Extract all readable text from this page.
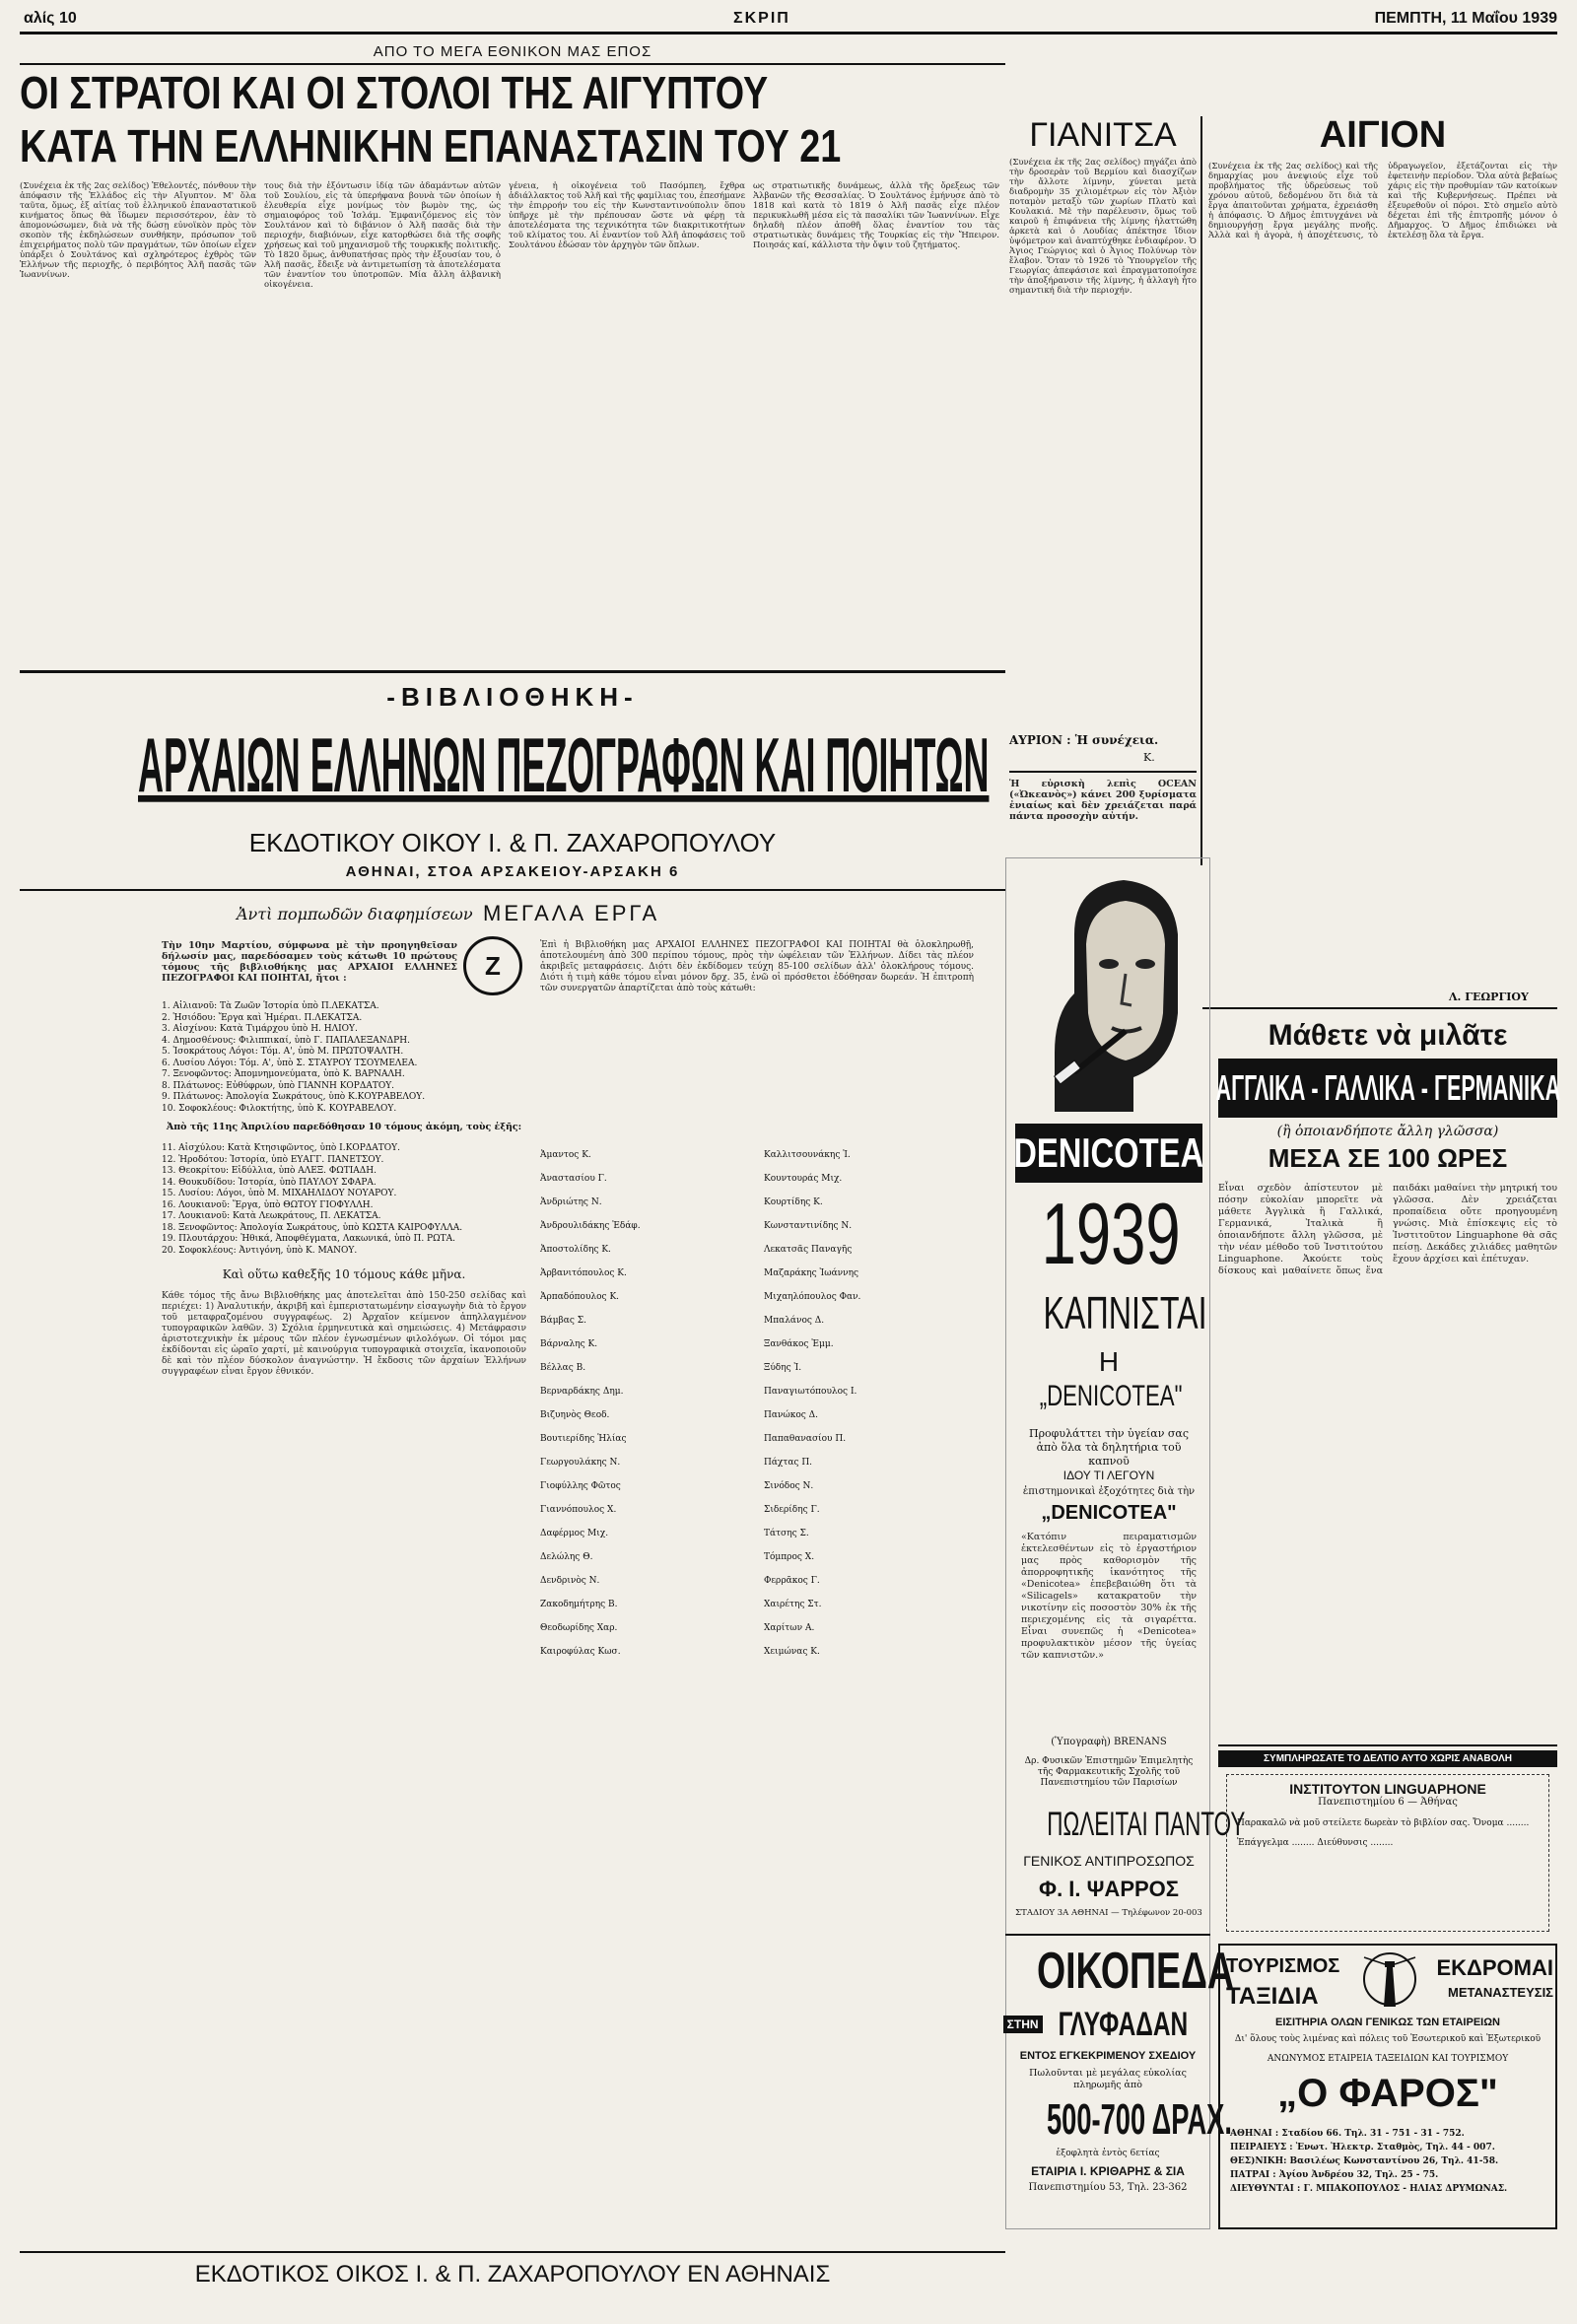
αλίς 10	ΣΚΡΙΠ	ΠΕΜΠΤΗ, 11 Μαΐου 1939
ΑΠΟ ΤΟ ΜΕΓΑ ΕΘΝΙΚΟΝ ΜΑΣ ΕΠΟΣ
ΟΙ ΣΤΡΑΤΟΙ ΚΑΙ ΟΙ ΣΤΟΛΟΙ ΤΗΣ ΑΙΓΥΠΤΟΥ
ΚΑΤΑ ΤΗΝ ΕΛΛΗΝΙΚΗΝ ΕΠΑΝΑΣΤΑΣΙΝ ΤΟΥ 21
(Συνέχεια ἐκ τῆς 2ας σελίδος) Ἐθελοντές, πόνθουν τὴν ἀπόφασιν τῆς Ἑλλάδος εἰς τὴν Αἴγυπτον. Μ' ὅλα ταῦτα, ὅμως, ἐξ αἰτίας τοῦ ἑλληνικοῦ ἐπαναστατικοῦ κινήματος ὅπως θὰ ἴδωμεν περισσότερον, ἐὰν τὸ ἀπομονώσωμεν, διὰ νὰ τῆς δώσῃ εὐνοϊκὸν πρὸς τὸν σκοπὸν τῆς ἐκδηλώσεων συνθήκην, πρόσωπον τοῦ ἐπιχειρήματος πολὺ τῶν πραγμάτων, τῶν ὁποίων εἶχεν ὑπάρξει ὁ Σουλτάνος καὶ σχληρότερος ἐχθρὸς τῶν Ἑλλήνων τῆς περιοχῆς, ὁ περιβόητος Ἀλῆ πασᾶς τῶν Ἰωαννίνων.
τους διὰ τὴν ἐξόντωσιν ἰδίᾳ τῶν ἀδαμάντων αὐτῶν τοῦ Σουλίου, εἰς τὰ ὑπερήφανα βουνὰ τῶν ὁποίων ἡ ἐλευθερία εἶχε μονίμως τὸν βωμὸν της, ὡς σημαιοφόρος τοῦ Ἰσλάμ. Ἐμφανιζόμενος εἰς τὸν Σουλτάνον καὶ τὸ διβάνιον ὁ Ἀλῆ πασᾶς διὰ τὴν περιοχήν, διαβιόνων, εἶχε κατορθώσει διὰ τῆς σοφῆς χρήσεως καὶ τοῦ μηχανισμοῦ τῆς τουρκικῆς πολιτικῆς. Τὸ 1820 ὅμως, ἀνθυπατήσας πρὸς τὴν ἐξουσίαν του, ὁ Ἀλῆ πασᾶς, ἔδειξε νὰ ἀντιμετωπίσῃ τὰ ἀποτελέσματα τῶν ἐναντίον του ὑποτροπῶν. Μία ἄλλη ἀλβανικὴ οἰκογένεια.
γένεια, ἡ οἰκογένεια τοῦ Πασόμπεη, ἔχθρα ἀδιάλλακτος τοῦ Ἀλῆ καὶ τῆς φαμίλιας του, ἐπεσήμανε τὴν ἐπιρροήν του εἰς τὴν Κωνσταντινούπολιν ὅπου ὑπῆρχε μὲ τὴν πρέπουσαν ὥστε νὰ φέρῃ τὰ ἀποτελέσματα της τεχνικότητα τῶν διακριτικοτήτων τοῦ κλίματος του. Αἱ ἐναντίον τοῦ Ἀλῆ ἀποφάσεις τοῦ Σουλτάνου ἐδώσαν τὸν ἀρχηγὸν τῶν ὅπλων.
ως στρατιωτικῆς δυνάμεως, ἀλλὰ τῆς ὄρεξεως τῶν Ἀλβανῶν τῆς Θεσσαλίας. Ὁ Σουλτάνος ἐμήνυσε ἀπὸ τὸ 1818 καὶ κατὰ τὸ 1819 ὁ Ἀλῆ πασᾶς εἶχε πλέον περικυκλωθῆ μέσα εἰς τὰ πασαλίκι τῶν Ἰωαννίνων. Εἶχε δηλαδὴ πλέον ἀποθῆ ὅλας ἐναντίον του τὰς στρατιωτικὰς δυνάμεις τῆς Τουρκίας εἰς τὴν Ἤπειρον. Ποιησάς καί, κάλλιστα τὴν ὄψιν τοῦ ζητήματος.
ΓΙΑΝΙΤΣΑ
(Συνέχεια ἐκ τῆς 2ας σελίδος) πηγάζει ἀπὸ τὴν δροσερὰν τοῦ Βερμίου καὶ διασχίζων τὴν ἄλλοτε λίμνην, χύνεται μετὰ διαδρομὴν 35 χιλιομέτρων εἰς τὸν Ἀξιὸν ποταμὸν μεταξὺ τῶν χωρίων Πλατὺ καὶ Κουλακιά. Μὲ τὴν παρέλευσιν, ὅμως τοῦ καιροῦ ἡ ἐπιφάνεια τῆς λίμνης ἠλαττώθη ἀρκετὰ καὶ ὁ Λουδίας ἀπέκτησε ἴδιον ὑψόμετρον καὶ ἀναπτύχθηκε ἐνδιαφέρον. Ὁ Ἀγιος Γεώργιος καὶ ὁ Ἀγιος Πολύνωρ τὸν ἔλαβον. Ὅταν τὸ 1926 τὸ Ὑπουργεῖον τῆς Γεωργίας ἀπεφάσισε καὶ ἐπραγματοποίησε τὴν ἀποξήρανσιν τῆς λίμνης, ἡ ἀλλαγὴ ἦτο σημαντική διὰ τὴν περιοχήν.
ΑΥΡΙΟΝ : Ἡ συνέχεια.
Κ.
Ἡ εὐρισκὴ λεπὶς OCEAN («Ὠκεανὸς») κάνει 200 ξυρίσματα ἐνιαίως καὶ δὲν χρειάζεται παρά πάντα προσοχὴν αὐτήν.
ΑΙΓΙΟΝ
(Συνέχεια ἐκ τῆς 2ας σελίδος) καὶ τῆς δημαρχίας μου ἀνεψιούς εἶχε τοῦ προβλήματος τῆς ὑδρεύσεως τοῦ χρόνου αὐτοῦ, δεδομένου ὅτι διὰ τὰ ἔργα ἀπαιτοῦνται χρήματα, ἐχρειάσθη ἡ ἀπόφασις. Ὁ Δῆμος ἐπιτυγχάνει νὰ δημιουργήσῃ ἔργα μεγάλης πνοῆς. Ἀλλὰ καὶ ἡ ἀγορὰ, ἡ ἀποχέτευσις, τὸ ὑδραγωγεῖον, ἐξετάζονται εἰς τὴν ἐφετεινὴν περίοδον. Ὅλα αὐτὰ βεβαίως χάρις εἰς τὴν προθυμίαν τῶν κατοίκων καὶ τῆς Κυβερνήσεως. Πρέπει νὰ ἐξευρεθοῦν οἱ πόροι. Στὸ σημεῖο αὐτὸ δέχεται ἐπὶ τῆς ἐπιτροπῆς μόνον ὁ Δῆμαρχος. Ὁ Δῆμος ἐπιδιώκει νὰ ἐκτελέσῃ ὅλα τὰ ἔργα.
Λ. ΓΕΩΡΓΙΟΥ
-ΒΙΒΛΙΟΘΗΚΗ-
ΑΡΧΑΙΩΝ ΕΛΛΗΝΩΝ ΠΕΖΟΓΡΑΦΩΝ ΚΑΙ ΠΟΙΗΤΩΝ
ΕΚΔΟΤΙΚΟΥ ΟΙΚΟΥ Ι. & Π. ΖΑΧΑΡΟΠΟΥΛΟΥ
ΑΘΗΝΑΙ, ΣΤΟΑ ΑΡΣΑΚΕΙΟΥ-ΑΡΣΑΚΗ 6
Ἀντὶ πομπωδῶν διαφημίσεων ΜΕΓΑΛΑ ΕΡΓΑ
Τὴν 10ην Μαρτίου, σύμφωνα μὲ τὴν προηγηθεῖσαν δήλωσίν μας, παρεδόσαμεν τοὺς κάτωθι 10 πρώτους τόμους τῆς βιβλιοθήκης μας ΑΡΧΑΙΟΙ ΕΛΛΗΝΕΣ ΠΕΖΟΓΡΑΦΟΙ ΚΑΙ ΠΟΙΗΤΑΙ, ἤτοι :	Z
1. Αἰλιανοῦ: Τὰ Ζωῶν Ἱστορία ὑπὸ Π.ΛΕΚΑΤΣΑ.
2. Ἡσιόδου: Ἔργα καὶ Ἡμέραι. Π.ΛΕΚΑΤΣΑ.
3. Αἰσχίνου: Κατὰ Τιμάρχου ὑπὸ Η. ΗΛΙΟΥ.
4. Δημοσθένους: Φιλιππικαί, ὑπὸ Γ. ΠΑΠΑΛΕΞΑΝΔΡΗ.
5. Ἰσοκράτους Λόγοι: Τόμ. Α', ὑπὸ Μ. ΠΡΩΤΟΨΑΛΤΗ.
6. Λυσίου Λόγοι: Τόμ. Α', ὑπὸ Σ. ΣΤΑΥΡΟΥ ΤΣΟΥΜΕΛΕΑ.
7. Ξενοφῶντος: Ἀπομνημονεύματα, ὑπὸ Κ. ΒΑΡΝΑΛΗ.
8. Πλάτωνος: Εὐθύφρων, ὑπὸ ΓΙΑΝΝΗ ΚΟΡΔΑΤΟΥ.
9. Πλάτωνος: Ἀπολογία Σωκράτους, ὑπὸ Κ.ΚΟΥΡΑΒΕΛΟΥ.
10. Σοφοκλέους: Φιλοκτήτης, ὑπὸ Κ. ΚΟΥΡΑΒΕΛΟΥ.
Ἀπὸ τῆς 11ης Ἀπριλίου παρεδόθησαν 10 τόμους ἀκόμη, τοὺς ἑξῆς:
11. Αἰσχύλου: Κατὰ Κτησιφῶντος, ὑπὸ Ι.ΚΟΡΔΑΤΟΥ.
12. Ἡροδότου: Ἱστορία, ὑπὸ ΕΥΑΓΓ. ΠΑΝΕΤΣΟΥ.
13. Θεοκρίτου: Εἰδύλλια, ὑπὸ ΑΛΕΞ. ΦΩΤΙΑΔΗ.
14. Θουκυδίδου: Ἱστορία, ὑπὸ ΠΑΥΛΟΥ ΣΦΑΡΑ.
15. Λυσίου: Λόγοι, ὑπὸ Μ. ΜΙΧΑΗΛΙΔΟΥ ΝΟΥΑΡΟΥ.
16. Λουκιανοῦ: Ἔργα, ὑπὸ ΘΩΤΟΥ ΓΙΟΦΥΛΛΗ.
17. Λουκιανοῦ: Κατὰ Λεωκράτους, Π. ΛΕΚΑΤΣΑ.
18. Ξενοφῶντος: Ἀπολογία Σωκράτους, ὑπὸ ΚΩΣΤΑ ΚΑΙΡΟΦΥΛΛΑ.
19. Πλουτάρχου: Ἠθικά, Ἀποφθέγματα, Λακωνικά, ὑπὸ Π. ΡΩΤΑ.
20. Σοφοκλέους: Ἀντιγόνη, ὑπὸ Κ. ΜΑΝΟΥ.
Καὶ οὕτω καθεξῆς 10 τόμους κάθε μῆνα.
Κάθε τόμος τῆς ἄνω Βιβλιοθήκης μας ἀποτελεῖται ἀπὸ 150-250 σελίδας καὶ περιέχει: 1) Ἀναλυτικήν, ἀκριβῆ καὶ ἐμπεριστατωμένην εἰσαγωγὴν διὰ τὸ ἔργον τοῦ μεταφραζομένου συγγραφέως. 2) Ἀρχαῖον κείμενον ἀπηλλαγμένον τυπογραφικῶν λαθῶν. 3) Σχόλια ἑρμηνευτικὰ καὶ σημειώσεις. 4) Μετάφρασιν ἀριστοτεχνικὴν ἐκ μέρους τῶν πλέον ἐγνωσμένων φιλολόγων. Οἱ τόμοι μας ἐκδίδονται εἰς ὡραῖο χαρτί, μὲ καινούργια τυπογραφικὰ στοιχεῖα, ἱκανοποιοῦν δὲ καὶ τὸν πλέον δύσκολον ἀναγνώστην. Ἡ ἔκδοσις τῶν ἀρχαίων Ἑλλήνων συγγραφέων εἶναι ἔργον ἐθνικόν.
Ἐπὶ ἡ Βιβλιοθήκη μας ΑΡΧΑΙΟΙ ΕΛΛΗΝΕΣ ΠΕΖΟΓΡΑΦΟΙ ΚΑΙ ΠΟΙΗΤΑΙ θὰ ὁλοκληρωθῇ, ἀποτελουμένη ἀπὸ 300 περίπου τόμους, πρὸς τὴν ὠφέλειαν τῶν Ἑλλήνων. Δίδει τὰς πλέον ἀκριβεῖς μεταφράσεις. Διότι δὲν ἐκδίδομεν τεύχη 85-100 σελίδων ἀλλ' ὁλοκλήρους τόμους. Διότι ἡ τιμὴ κάθε τόμου εἶναι μόνον δρχ. 35, ἐνῶ οἱ πρόσθετοι ἐδόθησαν δωρεάν. Ἡ ἐπιτροπὴ τῶν συνεργατῶν ἀπαρτίζεται ἀπὸ τοὺς κάτωθι:
Ἀμαντος Κ.
Ἀναστασίου Γ.
Ἀνδριώτης Ν.
Ἀνδρουλιδάκης Ἐδάφ.
Ἀποστολίδης Κ.
Ἀρβανιτόπουλος Κ.
Ἀρπαδόπουλος Κ.
Βάμβας Σ.
Βάρναλης Κ.
Βέλλας Β.
Βερναρδάκης Δημ.
Βιζυηνὸς Θεοδ.
Βουτιερίδης Ἡλίας
Γεωργουλάκης Ν.
Γιοφύλλης Φῶτος
Γιαννόπουλος Χ.
Δαφέρμος Μιχ.
Δελώλης Θ.
Δενδρινὸς Ν.
Ζακοδημήτρης Β.
Θεοδωρίδης Χαρ.
Καιροφύλας Κωσ.
Καλλιτσουνάκης Ἰ.
Κουντουράς Μιχ.
Κουρτίδης Κ.
Κωνσταντινίδης Ν.
Λεκατσᾶς Παναγῆς
Μαζαράκης Ἰωάννης
Μιχαηλόπουλος Φαν.
Μπαλάνος Δ.
Ξανθάκος Ἐμμ.
Ξύδης Ἰ.
Παναγιωτόπουλος Ι.
Πανώκος Δ.
Παπαθανασίου Π.
Πάχτας Π.
Σινόδος Ν.
Σιδερίδης Γ.
Τάτσης Σ.
Τόμπρος Χ.
Φερρᾶκος Γ.
Χαιρέτης Στ.
Χαρίτων Α.
Χειμώνας Κ.
ΕΚΔΟΤΙΚΟΣ ΟΙΚΟΣ Ι. & Π. ΖΑΧΑΡΟΠΟΥΛΟΥ ΕΝ ΑΘΗΝΑΙΣ
DENICOTEA
1939
ΚΑΠΝΙΣΤΑΙ
Η
„DENICOTEA"
Προφυλάττει τὴν ὑγείαν σας ἀπὸ ὅλα τὰ δηλητήρια τοῦ καπνοῦ
ΙΔΟΥ ΤΙ ΛΕΓΟΥΝ
ἐπιστημονικαὶ ἐξοχότητες διὰ τὴν
„DENICOTEA"
«Κατόπιν πειραματισμῶν ἐκτελεσθέντων εἰς τὸ ἐργαστήριον μας πρὸς καθορισμὸν τῆς ἀπορροφητικῆς ἱκανότητος τῆς «Denicotea» ἐπεβεβαιώθη ὅτι τὰ «Silicagels» κατακρατοῦν τὴν νικοτίνην εἰς ποσοστὸν 30% ἐκ τῆς περιεχομένης εἰς τὰ σιγαρέττα. Εἶναι συνεπῶς ἡ «Denicotea» προφυλακτικὸν μέσον τῆς ὑγείας τῶν καπνιστῶν.»
(Ὑπογραφὴ) BRENANS
Δρ. Φυσικῶν Ἐπιστημῶν Ἐπιμελητὴς τῆς Φαρμακευτικῆς Σχολῆς τοῦ Πανεπιστημίου τῶν Παρισίων
ΠΩΛΕΙΤΑΙ ΠΑΝΤΟΥ
ΓΕΝΙΚΟΣ ΑΝΤΙΠΡΟΣΩΠΟΣ
Φ. Ι. ΨΑΡΡΟΣ
ΣΤΑΔΙΟΥ 3Α ΑΘΗΝΑΙ — Τηλέφωνον 20-003
ΟΙΚΟΠΕΔΑ
ΣΤΗΝ ΓΛΥΦΑΔΑΝ
ΕΝΤΟΣ ΕΓΚΕΚΡΙΜΕΝΟΥ ΣΧΕΔΙΟΥ
Πωλοῦνται μὲ μεγάλας εὐκολίας πληρωμῆς ἀπὸ
500-700 ΔΡΑΧ.
ἑξοφλητὰ ἐντὸς 6ετίας
ΕΤΑΙΡΙΑ Ι. ΚΡΙΘΑΡΗΣ & ΣΙΑ
Πανεπιστημίου 53, Τηλ. 23-362
Μάθετε νὰ μιλᾶτε
ΑΓΓΛΙΚΑ - ΓΑΛΛΙΚΑ - ΓΕΡΜΑΝΙΚΑ
(ἢ ὁποιανδήποτε ἄλλη γλῶσσα)
ΜΕΣΑ ΣΕ 100 ΩΡΕΣ
Εἶναι σχεδὸν ἀπίστευτον μὲ πόσην εὐκολίαν μπορεῖτε νὰ μάθετε Ἀγγλικὰ ἢ Γαλλικά, Γερμανικά, Ἰταλικὰ ἢ ὁποιανδήποτε ἄλλη γλῶσσα, μὲ τὴν νέαν μέθοδο τοῦ Ἰνστιτούτου Linguaphone. Ἀκούετε τοὺς δίσκους καὶ μαθαίνετε ὅπως ἕνα παιδάκι μαθαίνει τὴν μητρική του γλῶσσα. Δὲν χρειάζεται προπαίδεια οὔτε προηγουμένη γνώσις. Μιὰ ἐπίσκεψις εἰς τὸ Ἰνστιτοῦτον Linguaphone θὰ σᾶς πείσῃ. Δεκάδες χιλιάδες μαθητῶν ἔχουν ἀρχίσει καὶ ἐπέτυχαν.
ΣΥΜΠΛΗΡΩΣΑΤΕ ΤΟ ΔΕΛΤΙΟ ΑΥΤΟ ΧΩΡΙΣ ΑΝΑΒΟΛΗ
ΙΝΣΤΙΤΟΥΤΟΝ LINGUAPHONE
Πανεπιστημίου 6 — Ἀθήνας
Παρακαλῶ νὰ μοῦ στείλετε δωρεὰν τὸ βιβλίον σας. Ὄνομα ........ Ἐπάγγελμα ........ Διεύθυνσις ........
ΤΟΥΡΙΣΜΟΣ
ΤΑΞΙΔΙΑ
ΕΚΔΡΟΜΑΙ
ΜΕΤΑΝΑΣΤΕΥΣΙΣ
ΕΙΣΙΤΗΡΙΑ ΟΛΩΝ ΓΕΝΙΚΩΣ ΤΩΝ ΕΤΑΙΡΕΙΩΝ
Δι' ὅλους τοὺς λιμένας καὶ πόλεις τοῦ Ἐσωτερικοῦ καὶ Ἐξωτερικοῦ
ΑΝΩΝΥΜΟΣ ΕΤΑΙΡΕΙΑ ΤΑΞΕΙΔΙΩΝ ΚΑΙ ΤΟΥΡΙΣΜΟΥ
„Ο ΦΑΡΟΣ"
ΑΘΗΝΑΙ : Σταδίου 66. Τηλ. 31 - 751 - 31 - 752.
ΠΕΙΡΑΙΕΥΣ : Ἐνωτ. Ἠλεκτρ. Σταθμὸς, Τηλ. 44 - 007.
ΘΕΣ)ΝΙΚΗ: Βασιλέως Κωνσταντίνου 26, Τηλ. 41-58.
ΠΑΤΡΑΙ : Ἀγίου Ἀνδρέου 32, Τηλ. 25 - 75.
ΔΙΕΥΘΥΝΤΑΙ : Γ. ΜΠΑΚΟΠΟΥΛΟΣ - ΗΛΙΑΣ ΔΡΥΜΩΝΑΣ.
